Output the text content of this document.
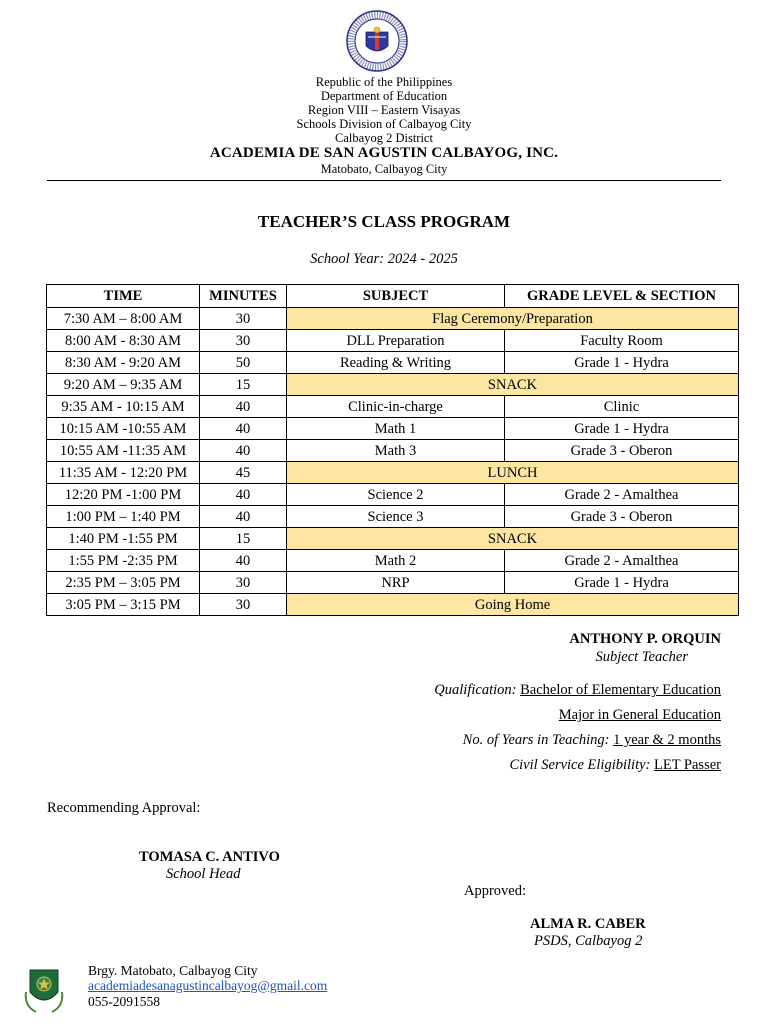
Republic of the Philippines
Department of Education
Region VIII – Eastern Visayas
Schools Division of Calbayog City
Calbayog 2 District
ACADEMIA DE SAN AGUSTIN CALBAYOG, INC.
Matobato, Calbayog City
TEACHER’S CLASS PROGRAM
School Year: 2024 - 2025
TIME	MINUTES	SUBJECT	GRADE LEVEL & SECTION
7:30 AM – 8:00 AM	30	Flag Ceremony/Preparation	
8:00 AM - 8:30 AM	30	DLL Preparation	Faculty Room
8:30 AM - 9:20 AM	50	Reading & Writing	Grade 1 - Hydra
9:20 AM – 9:35 AM	15	SNACK	
9:35 AM - 10:15 AM	40	Clinic-in-charge	Clinic
10:15 AM -10:55 AM	40	Math 1	Grade 1 - Hydra
10:55 AM -11:35 AM	40	Math 3	Grade 3 - Oberon
11:35 AM - 12:20 PM	45	LUNCH	
12:20 PM -1:00 PM	40	Science 2	Grade 2 - Amalthea
1:00 PM – 1:40 PM	40	Science 3	Grade 3 - Oberon
1:40 PM -1:55 PM	15	SNACK	
1:55 PM -2:35 PM	40	Math 2	Grade 2 - Amalthea
2:35 PM – 3:05 PM	30	NRP	Grade 1 - Hydra
3:05 PM – 3:15 PM	30	Going Home	
ANTHONY P. ORQUIN
Subject Teacher
Qualification: Bachelor of Elementary Education
Major in General Education
No. of Years in Teaching: 1 year & 2 months
Civil Service Eligibility: LET Passer
Recommending Approval:
TOMASA C. ANTIVO
School Head
Approved:
ALMA R. CABER
PSDS, Calbayog 2
Brgy. Matobato, Calbayog City
academiadesanagustincalbayog@gmail.com
055-2091558
